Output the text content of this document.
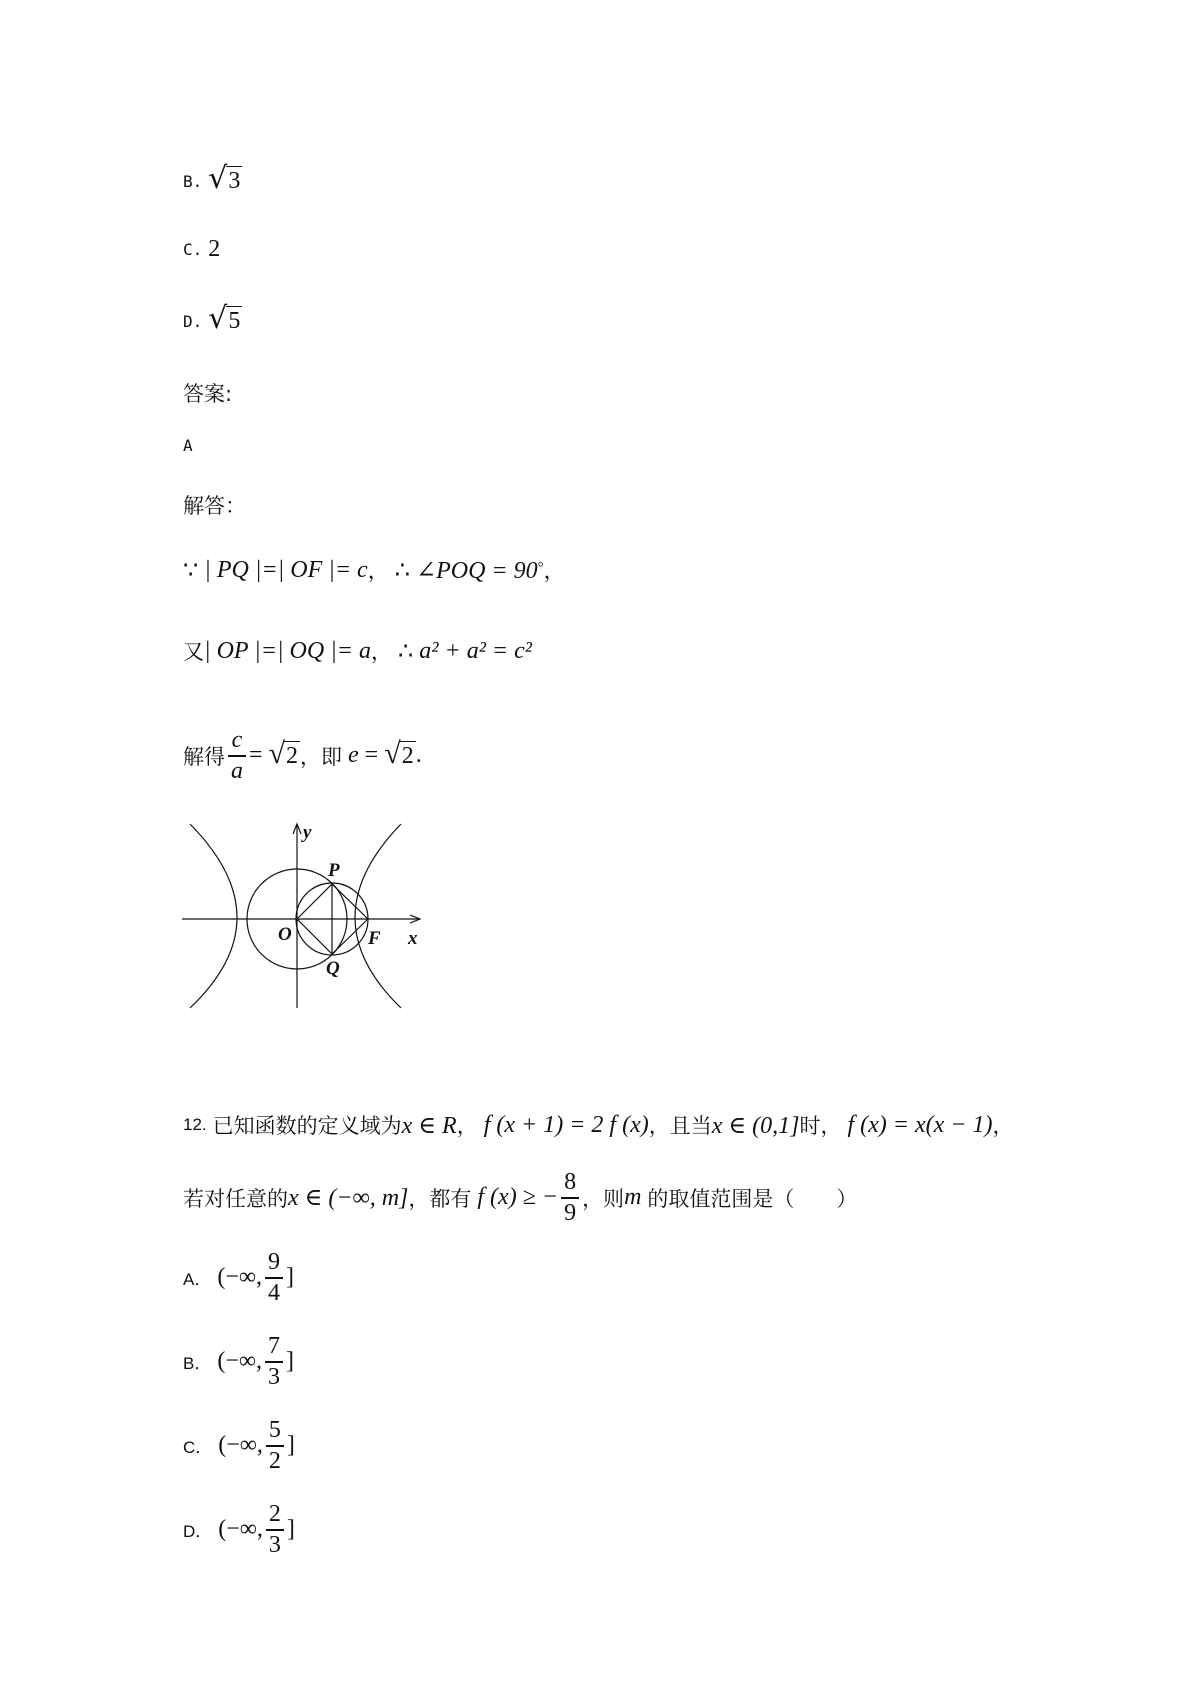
B. √ 3
C. 2
D. √ 5
答案:
A
解答：
∵ | PQ |=| OF |= c ， ∴ ∠POQ = 90 ° ，
又 | OP |=| OQ |= a ， ∴ a² + a² = c²
解得 $\frac{c}{a}$ = √ 2 ，即 e = √ 2 .
y
x
P
O	F
Q
12. 已知函数的定义域为 x ∈ R ， f (x + 1) = 2 f (x) ，且当 x ∈ (0,1] 时， f (x) = x(x − 1) ，
若对任意的 x ∈ (−∞, m] ，都有 f (x) ≥ − $\frac{8}{9}$ ，则 m 的取值范围是（　　）
A． (−∞, $\frac{9}{4}$ ]
B． (−∞, $\frac{7}{3}$ ]
C． (−∞, $\frac{5}{2}$ ]
D． (−∞, $\frac{2}{3}$ ]
